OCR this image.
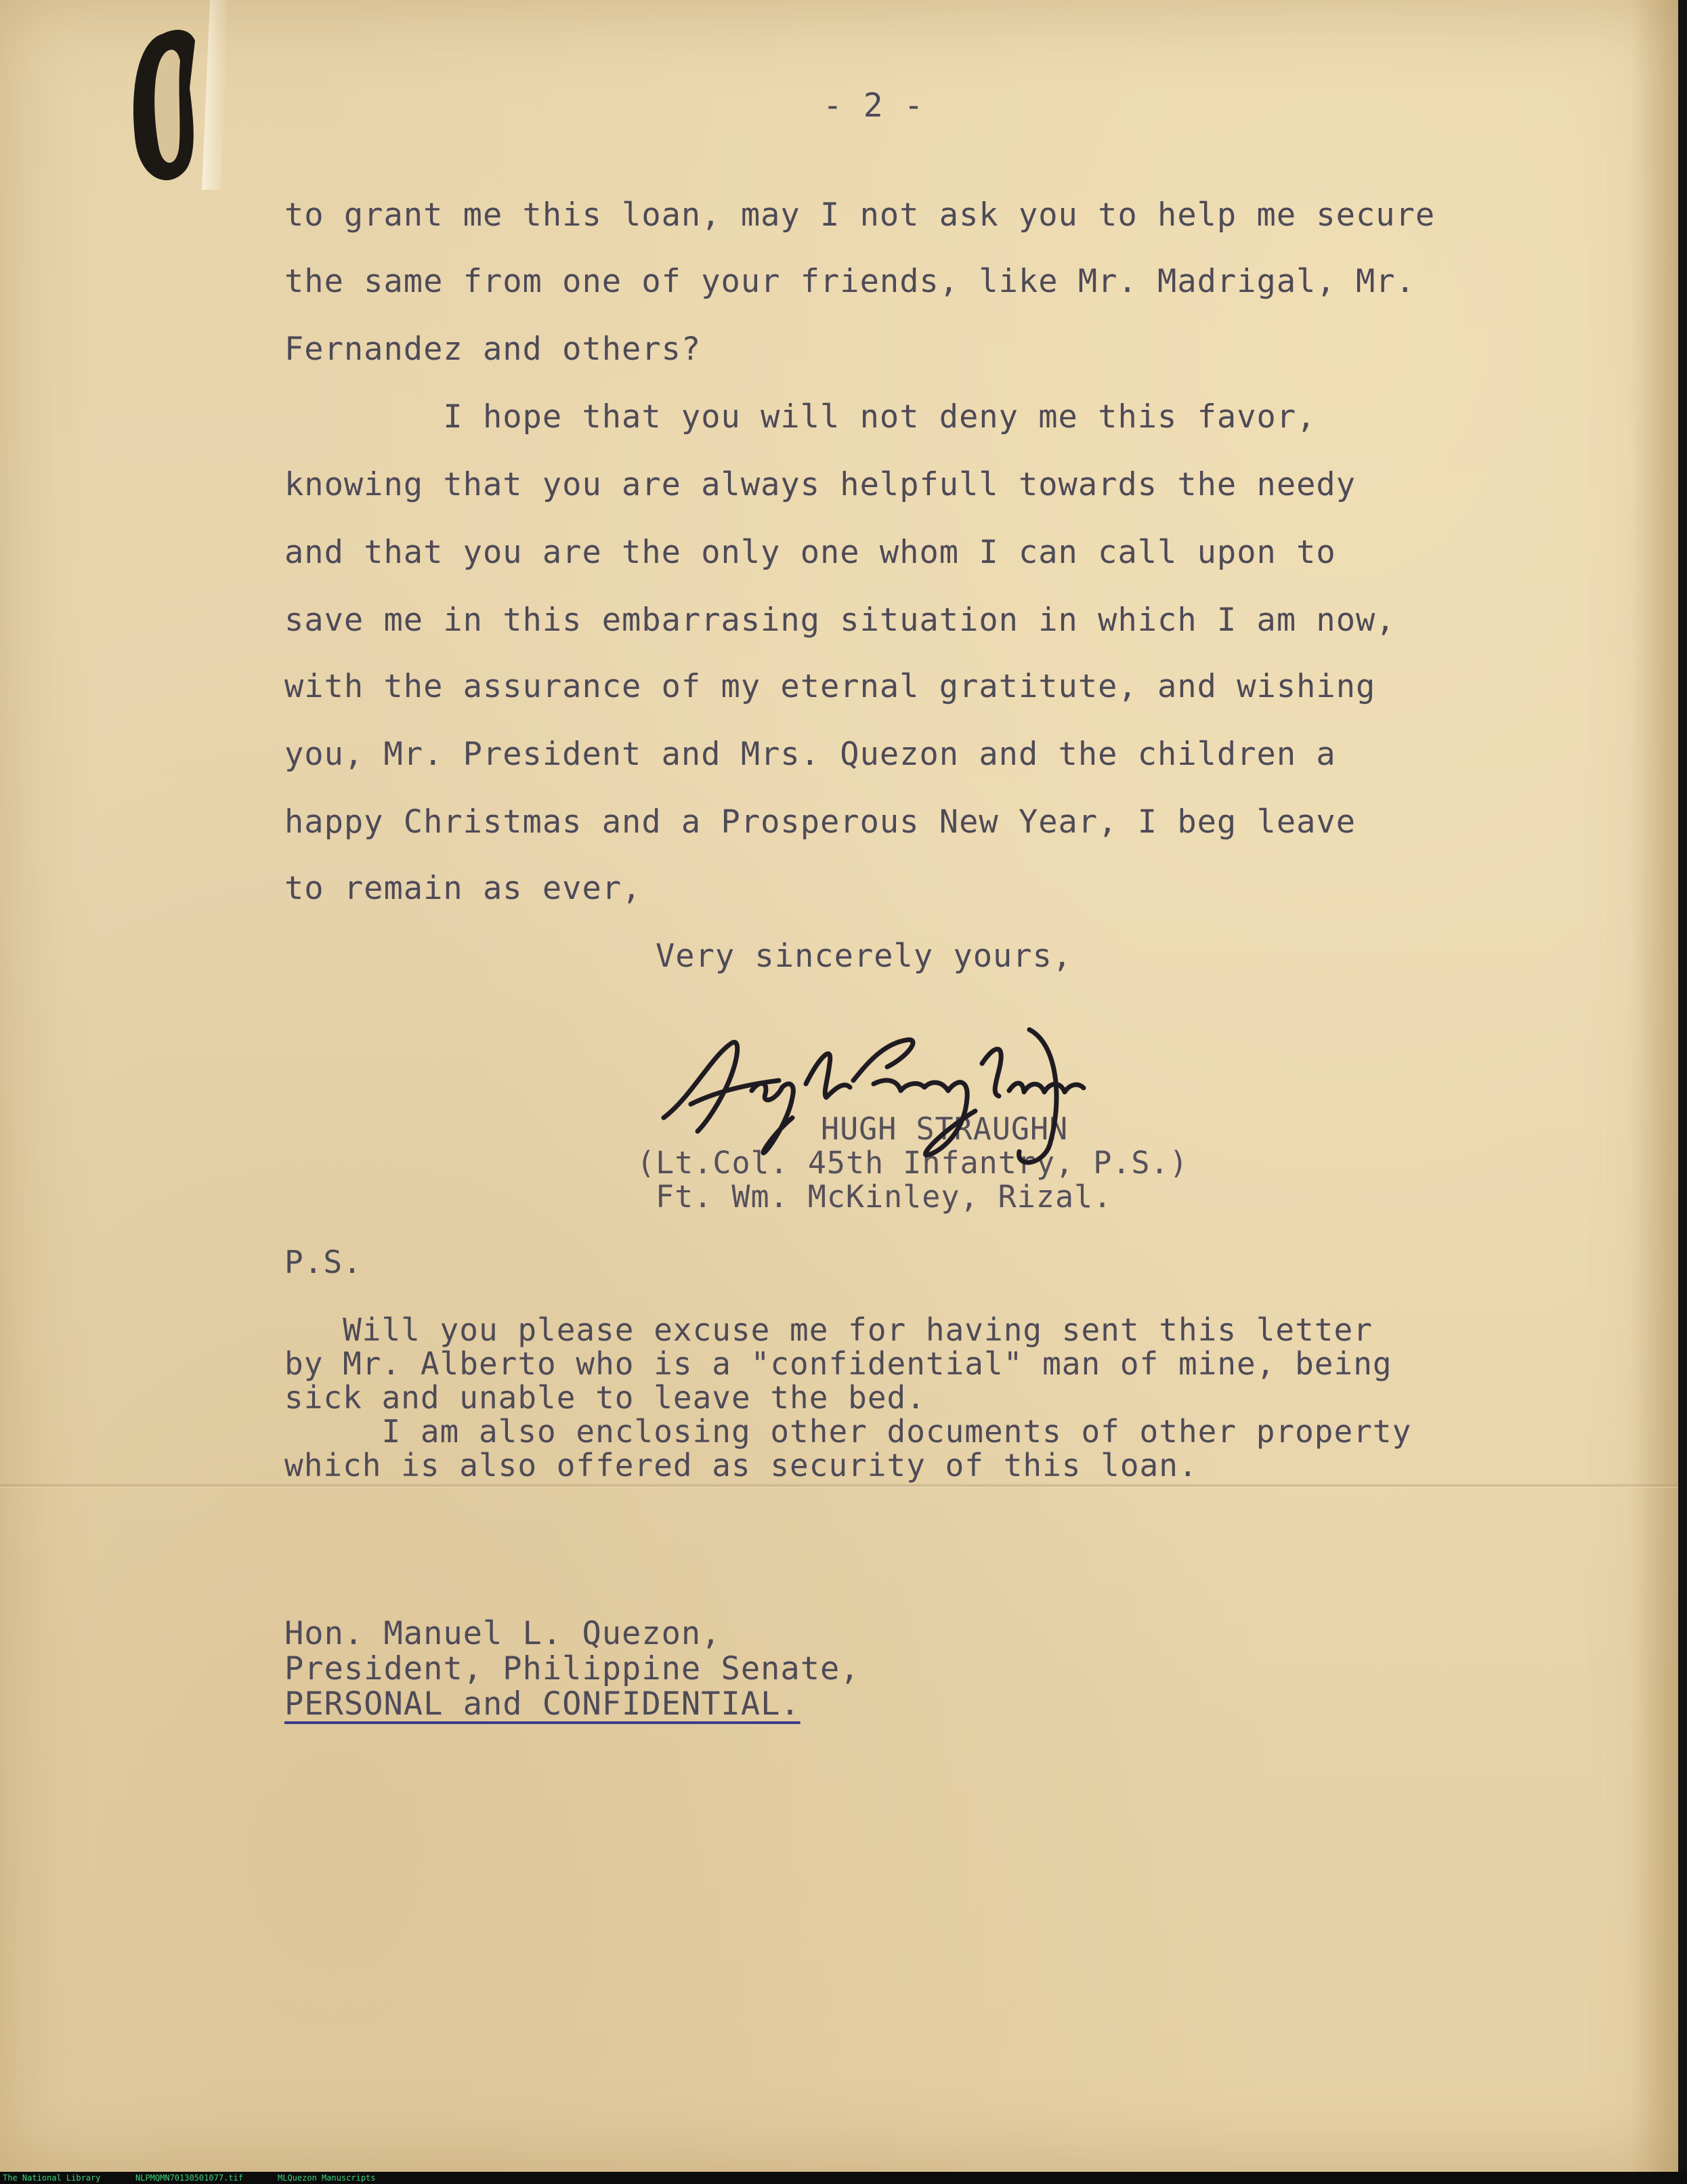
- 2 -
to grant me this loan, may I not ask you to help me secure
the same from one of your friends, like Mr. Madrigal, Mr.
Fernandez and others?
I hope that you will not deny me this favor,
knowing that you are always helpfull towards the needy
and that you are the only one whom I can call upon to
save me in this embarrasing situation in which I am now,
with the assurance of my eternal gratitute, and wishing
you, Mr. President and Mrs. Quezon and the children a
happy Christmas and a Prosperous New Year, I beg leave
to remain as ever,
Very sincerely yours,
HUGH STRAUGHN
(Lt.Col. 45th Infantry, P.S.)
Ft. Wm. McKinley, Rizal.
P.S.
Will you please excuse me for having sent this letter
by Mr. Alberto who is a "confidential" man of mine, being
sick and unable to leave the bed.
I am also enclosing other documents of other property
which is also offered as security of this loan.
Hon. Manuel L. Quezon,
President, Philippine Senate,
PERSONAL and CONFIDENTIAL.
The National Library	NLPMQMN70130501077.tif	MLQuezon Manuscripts
